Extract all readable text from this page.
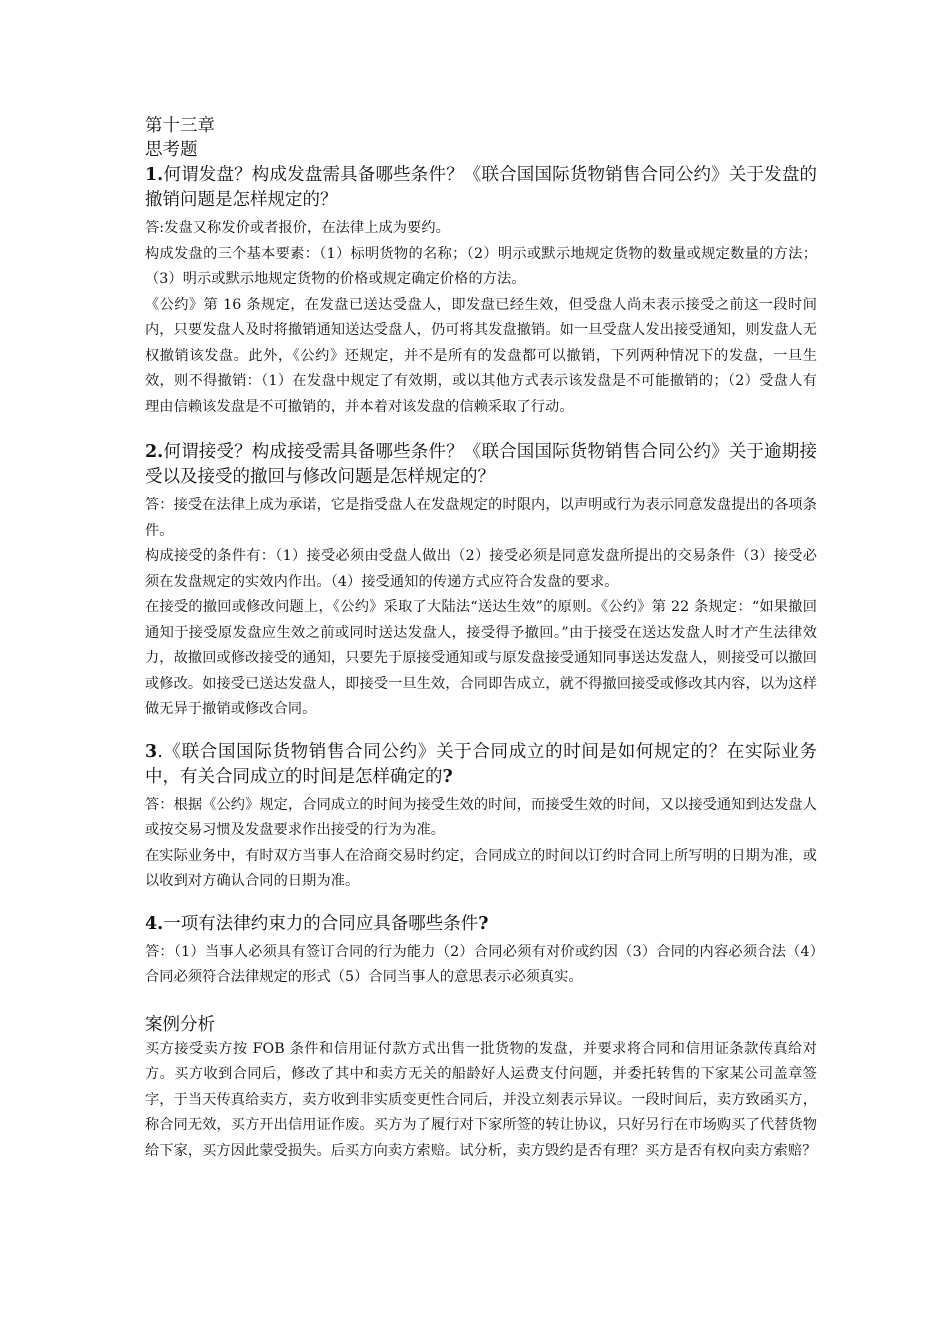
第十三章

思考题

1.何谓发盘？构成发盘需具备哪些条件？《联合国国际货物销售合同公约》关于发盘的撤销问题是怎样规定的？

答:发盘又称发价或者报价，在法律上成为要约。

构成发盘的三个基本要素：（1）标明货物的名称；（2）明示或默示地规定货物的数量或规定数量的方法；（3）明示或默示地规定货物的价格或规定确定价格的方法。

《公约》第 16 条规定，在发盘已送达受盘人，即发盘已经生效，但受盘人尚未表示接受之前这一段时间内，只要发盘人及时将撤销通知送达受盘人，仍可将其发盘撤销。如一旦受盘人发出接受通知，则发盘人无权撤销该发盘。此外，《公约》还规定，并不是所有的发盘都可以撤销，下列两种情况下的发盘，一旦生效，则不得撤销：（1）在发盘中规定了有效期，或以其他方式表示该发盘是不可能撤销的；（2）受盘人有理由信赖该发盘是不可撤销的，并本着对该发盘的信赖采取了行动。

2.何谓接受？构成接受需具备哪些条件？《联合国国际货物销售合同公约》关于逾期接受以及接受的撤回与修改问题是怎样规定的？

答：接受在法律上成为承诺，它是指受盘人在发盘规定的时限内，以声明或行为表示同意发盘提出的各项条件。

构成接受的条件有：（1）接受必须由受盘人做出（2）接受必须是同意发盘所提出的交易条件（3）接受必须在发盘规定的实效内作出。（4）接受通知的传递方式应符合发盘的要求。

在接受的撤回或修改问题上，《公约》采取了大陆法“送达生效”的原则。《公约》第 22 条规定：“如果撤回通知于接受原发盘应生效之前或同时送达发盘人，接受得予撤回。”由于接受在送达发盘人时才产生法律效力，故撤回或修改接受的通知，只要先于原接受通知或与原发盘接受通知同事送达发盘人，则接受可以撤回或修改。如接受已送达发盘人，即接受一旦生效，合同即告成立，就不得撤回接受或修改其内容，以为这样做无异于撤销或修改合同。

3.《联合国国际货物销售合同公约》关于合同成立的时间是如何规定的？在实际业务中，有关合同成立的时间是怎样确定的?

答：根据《公约》规定，合同成立的时间为接受生效的时间，而接受生效的时间，又以接受通知到达发盘人或按交易习惯及发盘要求作出接受的行为为准。

在实际业务中，有时双方当事人在洽商交易时约定，合同成立的时间以订约时合同上所写明的日期为准，或以收到对方确认合同的日期为准。

4.一项有法律约束力的合同应具备哪些条件?

答：（1）当事人必须具有签订合同的行为能力（2）合同必须有对价或约因（3）合同的内容必须合法（4）合同必须符合法律规定的形式（5）合同当事人的意思表示必须真实。

案例分析

买方接受卖方按 FOB 条件和信用证付款方式出售一批货物的发盘，并要求将合同和信用证条款传真给对方。买方收到合同后，修改了其中和卖方无关的船龄好人运费支付问题，并委托转售的下家某公司盖章签字，于当天传真给卖方，卖方收到非实质变更性合同后，并没立刻表示异议。一段时间后，卖方致函买方，称合同无效，买方开出信用证作废。买方为了履行对下家所签的转让协议，只好另行在市场购买了代替货物给下家，买方因此蒙受损失。后买方向卖方索赔。试分析，卖方毁约是否有理？买方是否有权向卖方索赔？
